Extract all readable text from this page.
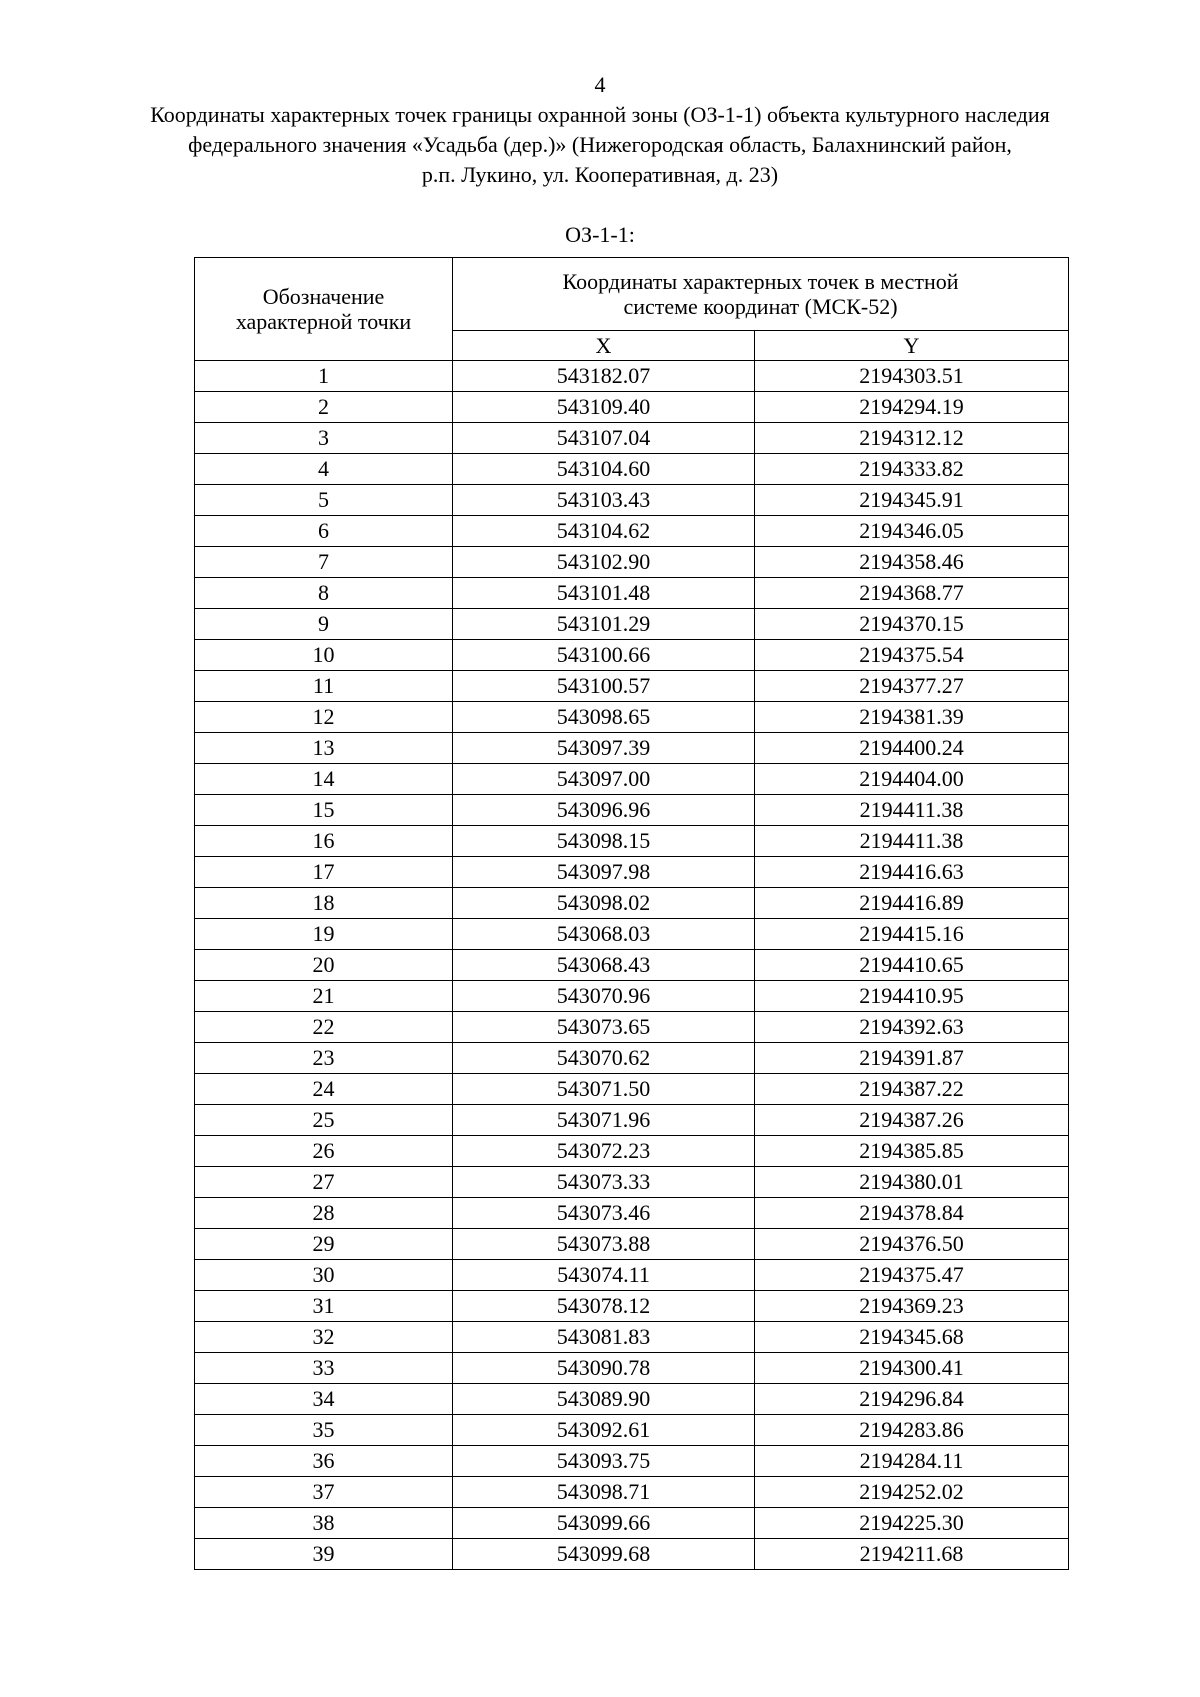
4
Координаты характерных точек границы охранной зоны (ОЗ-1-1) объекта культурного наследия
федерального значения «Усадьба (дер.)» (Нижегородская область, Балахнинский район,
р.п. Лукино, ул. Кооперативная, д. 23)
ОЗ-1-1:
Обозначение характерной точки	Координаты характерных точек в местной системе координат (МСК-52)	

	X	Y
1	543182.07	2194303.51
2	543109.40	2194294.19
3	543107.04	2194312.12
4	543104.60	2194333.82
5	543103.43	2194345.91
6	543104.62	2194346.05
7	543102.90	2194358.46
8	543101.48	2194368.77
9	543101.29	2194370.15
10	543100.66	2194375.54
11	543100.57	2194377.27
12	543098.65	2194381.39
13	543097.39	2194400.24
14	543097.00	2194404.00
15	543096.96	2194411.38
16	543098.15	2194411.38
17	543097.98	2194416.63
18	543098.02	2194416.89
19	543068.03	2194415.16
20	543068.43	2194410.65
21	543070.96	2194410.95
22	543073.65	2194392.63
23	543070.62	2194391.87
24	543071.50	2194387.22
25	543071.96	2194387.26
26	543072.23	2194385.85
27	543073.33	2194380.01
28	543073.46	2194378.84
29	543073.88	2194376.50
30	543074.11	2194375.47
31	543078.12	2194369.23
32	543081.83	2194345.68
33	543090.78	2194300.41
34	543089.90	2194296.84
35	543092.61	2194283.86
36	543093.75	2194284.11
37	543098.71	2194252.02
38	543099.66	2194225.30
39	543099.68	2194211.68
